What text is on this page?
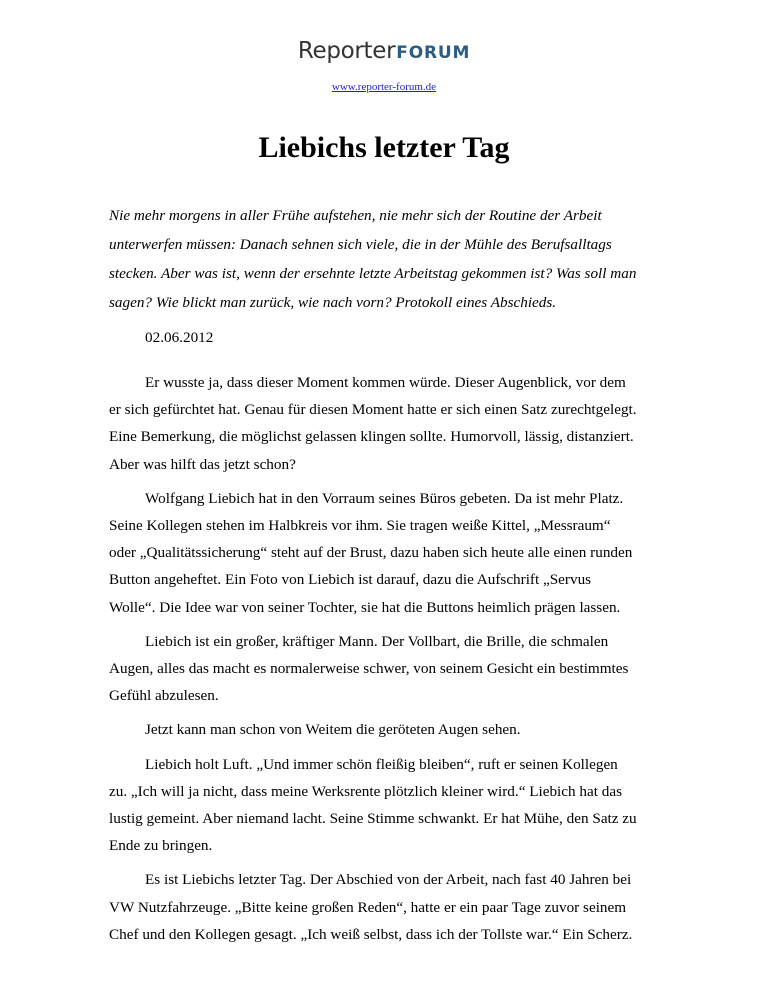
ReporterFORUM
www.reporter-forum.de
Liebichs letzter Tag
Nie mehr morgens in aller Frühe aufstehen, nie mehr sich der Routine der Arbeit
unterwerfen müssen: Danach sehnen sich viele, die in der Mühle des Berufsalltags
stecken. Aber was ist, wenn der ersehnte letzte Arbeitstag gekommen ist? Was soll man
sagen? Wie blickt man zurück, wie nach vorn? Protokoll eines Abschieds.

02.06.2012

Er wusste ja, dass dieser Moment kommen würde. Dieser Augenblick, vor dem
er sich gefürchtet hat. Genau für diesen Moment hatte er sich einen Satz zurechtgelegt.
Eine Bemerkung, die möglichst gelassen klingen sollte. Humorvoll, lässig, distanziert.
Aber was hilft das jetzt schon?

Wolfgang Liebich hat in den Vorraum seines Büros gebeten. Da ist mehr Platz.
Seine Kollegen stehen im Halbkreis vor ihm. Sie tragen weiße Kittel, „Messraum“
oder „Qualitätssicherung“ steht auf der Brust, dazu haben sich heute alle einen runden
Button angeheftet. Ein Foto von Liebich ist darauf, dazu die Aufschrift „Servus
Wolle“. Die Idee war von seiner Tochter, sie hat die Buttons heimlich prägen lassen.

Liebich ist ein großer, kräftiger Mann. Der Vollbart, die Brille, die schmalen
Augen, alles das macht es normalerweise schwer, von seinem Gesicht ein bestimmtes
Gefühl abzulesen.

Jetzt kann man schon von Weitem die geröteten Augen sehen.

Liebich holt Luft. „Und immer schön fleißig bleiben“, ruft er seinen Kollegen
zu. „Ich will ja nicht, dass meine Werksrente plötzlich kleiner wird.“ Liebich hat das
lustig gemeint. Aber niemand lacht. Seine Stimme schwankt. Er hat Mühe, den Satz zu
Ende zu bringen.

Es ist Liebichs letzter Tag. Der Abschied von der Arbeit, nach fast 40 Jahren bei
VW Nutzfahrzeuge. „Bitte keine großen Reden“, hatte er ein paar Tage zuvor seinem
Chef und den Kollegen gesagt. „Ich weiß selbst, dass ich der Tollste war.“ Ein Scherz.
